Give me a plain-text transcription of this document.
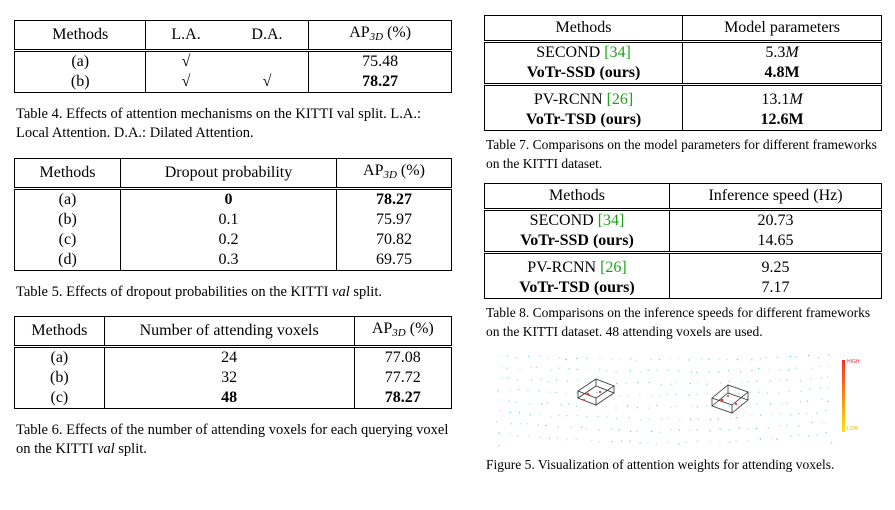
Methods	L.A.	D.A.	$AP_{3D}$ (%)
(a)	√		75.48
(b)	√	√	78.27
Table 4. Effects of attention mechanisms on the KITTI val split. L.A.: Local Attention. D.A.: Dilated Attention.
Methods	Dropout probability	$AP_{3D}$ (%)
(a)	0	78.27
(b)	0.1	75.97
(c)	0.2	70.82
(d)	0.3	69.75
Table 5. Effects of dropout probabilities on the KITTI val split.
Methods	Number of attending voxels	$AP_{3D}$ (%)
(a)	24	77.08
(b)	32	77.72
(c)	48	78.27
Table 6. Effects of the number of attending voxels for each querying voxel on the KITTI val split.
Methods	Model parameters
SECOND [34]	5.3M
VoTr-SSD (ours)	4.8M
PV-RCNN [26]	13.1M
VoTr-TSD (ours)	12.6M
Table 7. Comparisons on the model parameters for different frameworks on the KITTI dataset.
Methods	Inference speed (Hz)
SECOND [34]	20.73
VoTr-SSD (ours)	14.65
PV-RCNN [26]	9.25
VoTr-TSD (ours)	7.17
Table 8. Comparisons on the inference speeds for different frameworks on the KITTI dataset. 48 attending voxels are used.
HIGH
LOW
Figure 5. Visualization of attention weights for attending voxels.
